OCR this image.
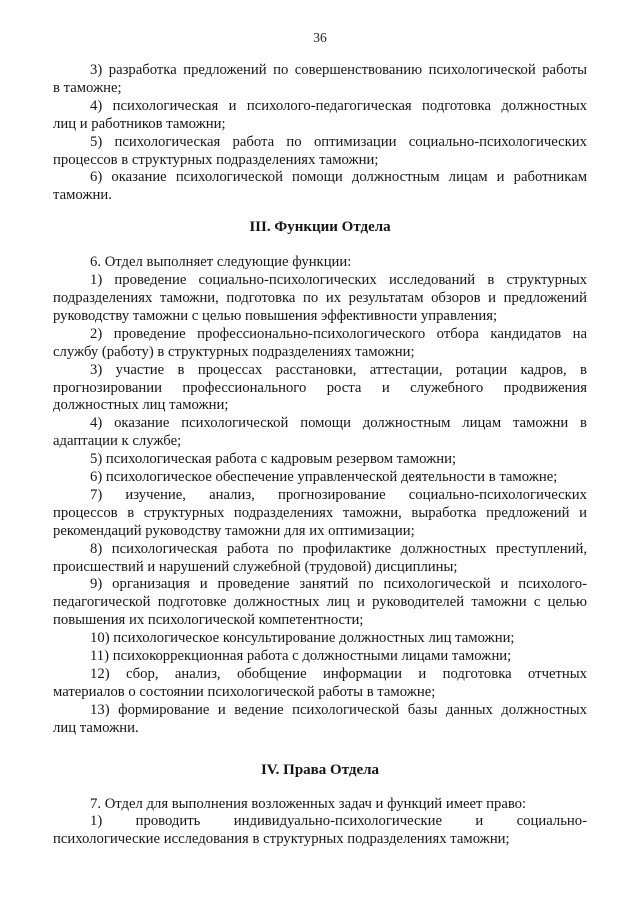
36
3) разработка предложений по совершенствованию психологической работы
в таможне;
4) психологическая и психолого-педагогическая подготовка должностных
лиц и работников таможни;
5) психологическая работа по оптимизации социально-психологических
процессов в структурных подразделениях таможни;
6) оказание психологической помощи должностным лицам и работникам
таможни.
III. Функции Отдела
6. Отдел выполняет следующие функции:
1) проведение социально-психологических исследований в структурных
подразделениях таможни, подготовка по их результатам обзоров и предложений
руководству таможни с целью повышения эффективности управления;
2) проведение профессионально-психологического отбора кандидатов на
службу (работу) в структурных подразделениях таможни;
3) участие в процессах расстановки, аттестации, ротации кадров, в
прогнозировании профессионального роста и служебного продвижения
должностных лиц таможни;
4) оказание психологической помощи должностным лицам таможни в
адаптации к службе;
5) психологическая работа с кадровым резервом таможни;
6) психологическое обеспечение управленческой деятельности в таможне;
7) изучение, анализ, прогнозирование социально-психологических
процессов в структурных подразделениях таможни, выработка предложений и
рекомендаций руководству таможни для их оптимизации;
8) психологическая работа по профилактике должностных преступлений,
происшествий и нарушений служебной (трудовой) дисциплины;
9) организация и проведение занятий по психологической и психолого-
педагогической подготовке должностных лиц и руководителей таможни с целью
повышения их психологической компетентности;
10) психологическое консультирование должностных лиц таможни;
11) психокоррекционная работа с должностными лицами таможни;
12) сбор, анализ, обобщение информации и подготовка отчетных
материалов о состоянии психологической работы в таможне;
13) формирование и ведение психологической базы данных должностных
лиц таможни.
IV. Права Отдела
7. Отдел для выполнения возложенных задач и функций имеет право:
1) проводить индивидуально-психологические и социально-
психологические исследования в структурных подразделениях таможни;
